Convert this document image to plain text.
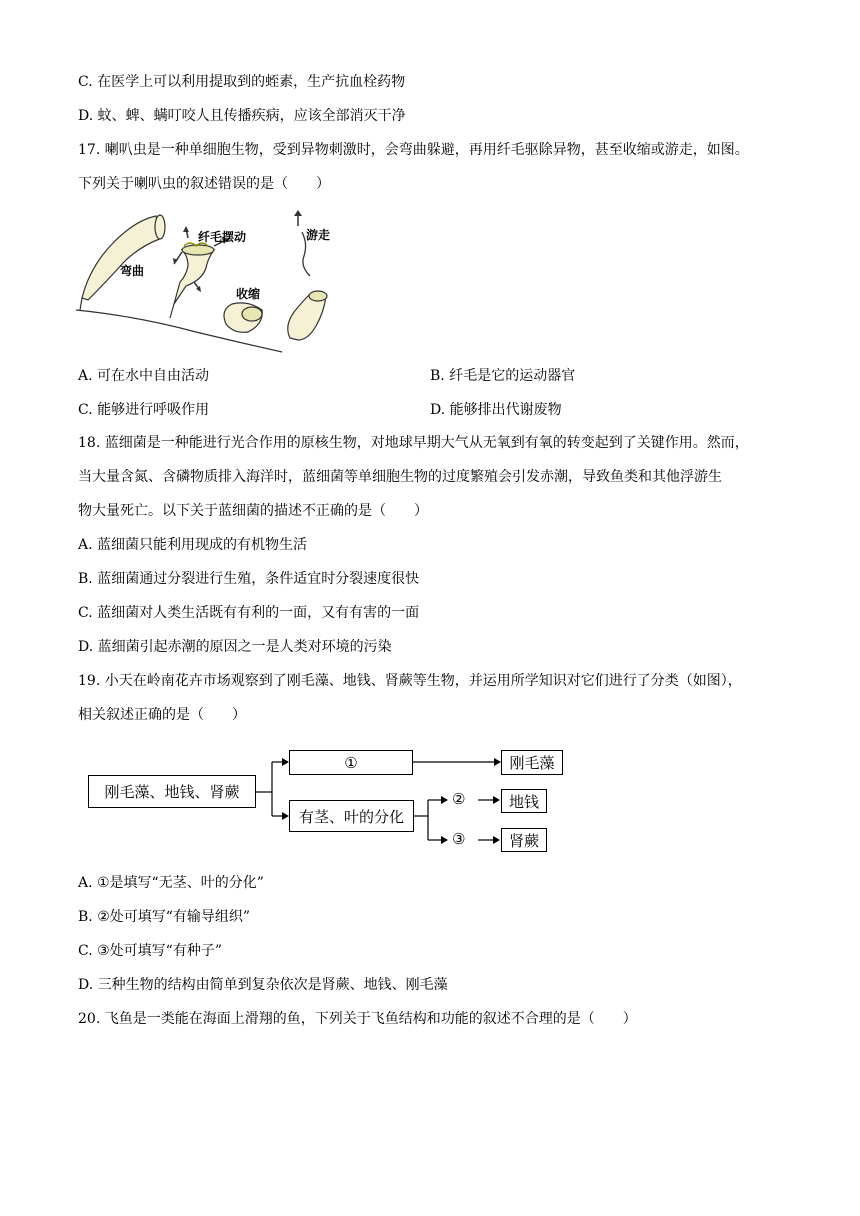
C. 在医学上可以利用提取到的蛭素，生产抗血栓药物
D. 蚊、蜱、螨叮咬人且传播疾病，应该全部消灭干净
17. 喇叭虫是一种单细胞生物，受到异物刺激时，会弯曲躲避，再用纤毛驱除异物，甚至收缩或游走，如图。
下列关于喇叭虫的叙述错误的是（　　）
弯曲
纤毛摆动
收缩
游走
A. 可在水中自由活动	B. 纤毛是它的运动器官
C. 能够进行呼吸作用	D. 能够排出代谢废物
18. 蓝细菌是一种能进行光合作用的原核生物，对地球早期大气从无氧到有氧的转变起到了关键作用。然而，
当大量含氮、含磷物质排入海洋时，蓝细菌等单细胞生物的过度繁殖会引发赤潮，导致鱼类和其他浮游生
物大量死亡。以下关于蓝细菌的描述不正确的是（　　）
A. 蓝细菌只能利用现成的有机物生活
B. 蓝细菌通过分裂进行生殖，条件适宜时分裂速度很快
C. 蓝细菌对人类生活既有有利的一面，又有有害的一面
D. 蓝细菌引起赤潮的原因之一是人类对环境的污染
19. 小天在岭南花卉市场观察到了刚毛藻、地钱、肾蕨等生物，并运用所学知识对它们进行了分类（如图），
相关叙述正确的是（　　）
刚毛藻、地钱、肾蕨
①
有茎、叶的分化
刚毛藻
②
③
地钱
肾蕨
A. ①是填写“无茎、叶的分化”
B. ②处可填写“有输导组织”
C. ③处可填写“有种子”
D. 三种生物的结构由简单到复杂依次是肾蕨、地钱、刚毛藻
20. 飞鱼是一类能在海面上滑翔的鱼，下列关于飞鱼结构和功能的叙述不合理的是（　　）
